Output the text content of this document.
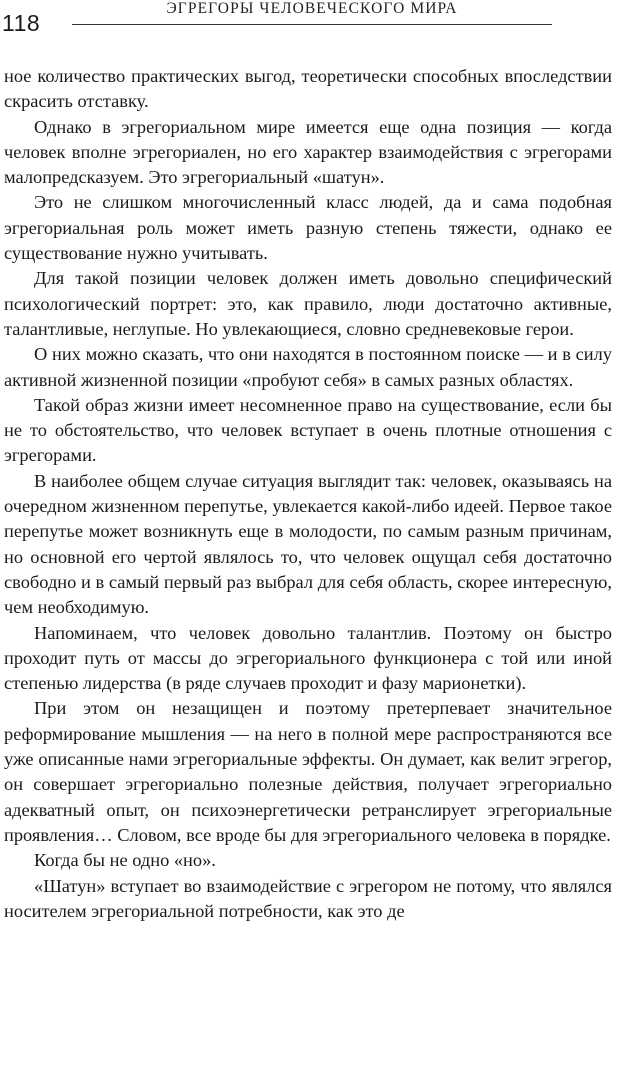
118
ЭГРЕГОРЫ ЧЕЛОВЕЧЕСКОГО МИРА

ное количество практических выгод, теоретически способных впоследствии скрасить отставку.

Однако в эгрегориальном мире имеется еще одна позиция — когда человек вполне эгрегориален, но его характер взаимодействия с эгрегорами малопредсказуем. Это эгрегориальный «шатун».

Это не слишком многочисленный класс людей, да и сама подобная эгрегориальная роль может иметь разную степень тяжести, однако ее существование нужно учитывать.

Для такой позиции человек должен иметь довольно специфический психологический портрет: это, как правило, люди достаточно активные, талантливые, неглупые. Но увлекающиеся, словно средневековые герои.

О них можно сказать, что они находятся в постоянном поиске — и в силу активной жизненной позиции «пробуют себя» в самых разных областях.

Такой образ жизни имеет несомненное право на существование, если бы не то обстоятельство, что человек вступает в очень плотные отношения с эгрегорами.

В наиболее общем случае ситуация выглядит так: человек, оказываясь на очередном жизненном перепутье, увлекается какой-либо идеей. Первое такое перепутье может возникнуть еще в молодости, по самым разным причинам, но основной его чертой являлось то, что человек ощущал себя достаточно свободно и в самый первый раз выбрал для себя область, скорее интересную, чем необходимую.

Напоминаем, что человек довольно талантлив. Поэтому он быстро проходит путь от массы до эгрегориального функционера с той или иной степенью лидерства (в ряде случаев проходит и фазу марионетки).

При этом он незащищен и поэтому претерпевает значительное реформирование мышления — на него в полной мере распространяются все уже описанные нами эгрегориальные эффекты. Он думает, как велит эгрегор, он совершает эгрегориально полезные действия, получает эгрегориально адекватный опыт, он психоэнергетически ретранслирует эгрегориальные проявления… Словом, все вроде бы для эгрегориального человека в порядке.

Когда бы не одно «но».

«Шатун» вступает во взаимодействие с эгрегором не потому, что являлся носителем эгрегориальной потребности, как это де
